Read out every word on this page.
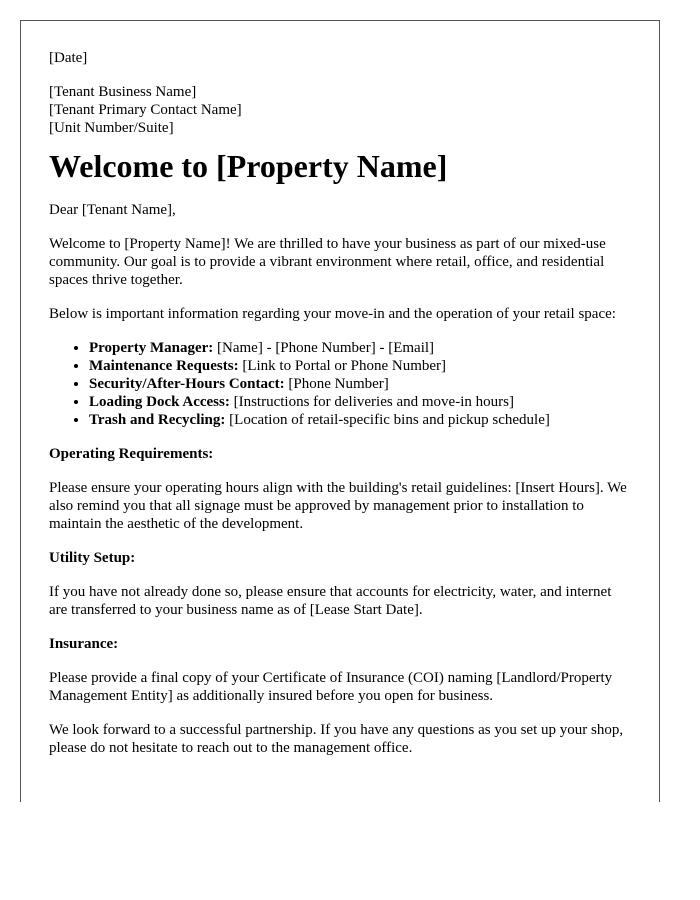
[Date]

[Tenant Business Name]
[Tenant Primary Contact Name]
[Unit Number/Suite]
Welcome to [Property Name]

Dear [Tenant Name],

Welcome to [Property Name]! We are thrilled to have your business as part of our mixed-use community. Our goal is to provide a vibrant environment where retail, office, and residential spaces thrive together.

Below is important information regarding your move-in and the operation of your retail space:

• Property Manager: [Name] - [Phone Number] - [Email]
• Maintenance Requests: [Link to Portal or Phone Number]
• Security/After-Hours Contact: [Phone Number]
• Loading Dock Access: [Instructions for deliveries and move-in hours]
• Trash and Recycling: [Location of retail-specific bins and pickup schedule]

Operating Requirements:

Please ensure your operating hours align with the building's retail guidelines: [Insert Hours]. We also remind you that all signage must be approved by management prior to installation to maintain the aesthetic of the development.

Utility Setup:

If you have not already done so, please ensure that accounts for electricity, water, and internet are transferred to your business name as of [Lease Start Date].

Insurance:

Please provide a final copy of your Certificate of Insurance (COI) naming [Landlord/Property Management Entity] as additionally insured before you open for business.

We look forward to a successful partnership. If you have any questions as you set up your shop, please do not hesitate to reach out to the management office.
